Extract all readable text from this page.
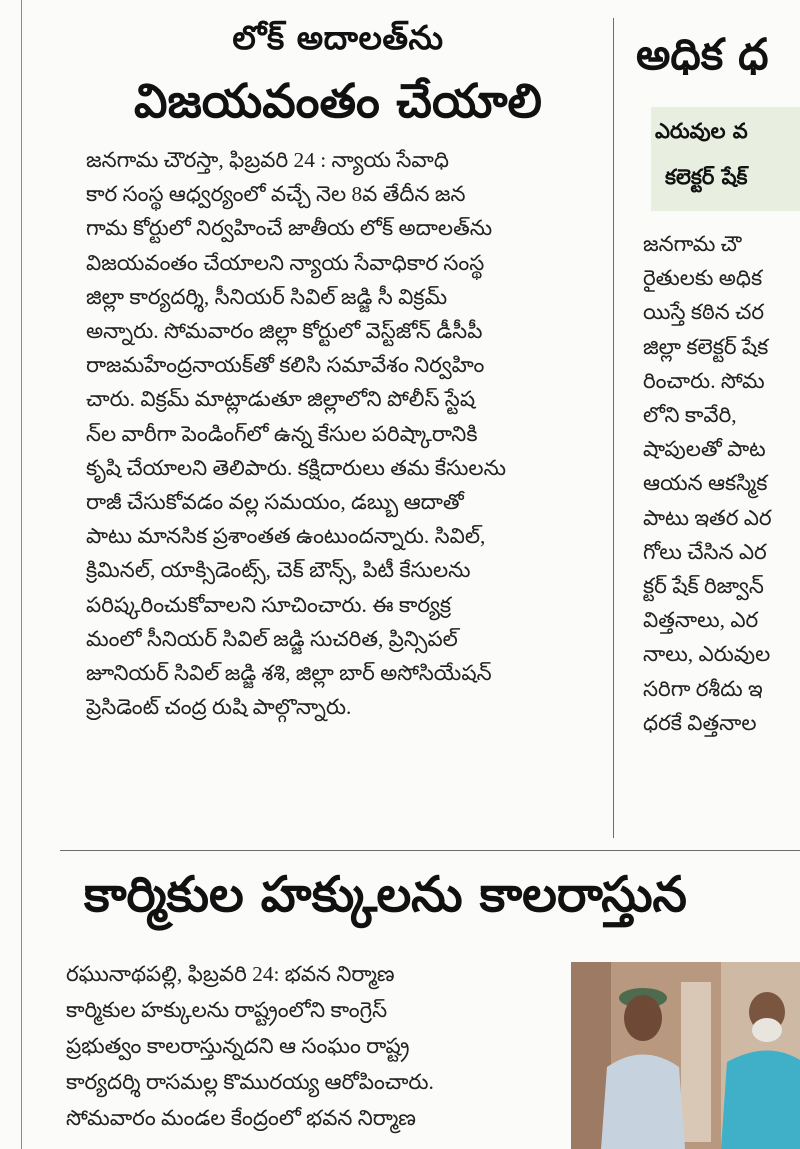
లోక్ అదాలత్‌ను
విజయవంతం చేయాలి

జనగామ చౌరస్తా, ఫిబ్రవరి 24 : న్యాయ సేవాధి

కార సంస్థ ఆధ్వర్యంలో వచ్చే నెల 8వ తేదీన జన

గామ కోర్టులో నిర్వహించే జాతీయ లోక్ అదాలత్‌ను

విజయవంతం చేయాలని న్యాయ సేవాధికార సంస్థ

జిల్లా కార్యదర్శి, సీనియర్ సివిల్ జడ్జి సీ విక్రమ్

అన్నారు. సోమవారం జిల్లా కోర్టులో వెస్ట్‌జోన్ డీసీపీ

రాజమహేంద్రనాయక్‌తో కలిసి సమావేశం నిర్వహిం

చారు. విక్రమ్ మాట్లాడుతూ జిల్లాలోని పోలీస్ స్టేష

న్‌ల వారీగా పెండింగ్‌లో ఉన్న కేసుల పరిష్కారానికి

కృషి చేయాలని తెలిపారు. కక్షిదారులు తమ కేసులను

రాజీ చేసుకోవడం వల్ల సమయం, డబ్బు ఆదాతో

పాటు మానసిక ప్రశాంతత ఉంటుందన్నారు. సివిల్,

క్రిమినల్, యాక్సిడెంట్స్, చెక్ బౌన్స్, పిటీ కేసులను

పరిష్కరించుకోవాలని సూచించారు. ఈ కార్యక్ర

మంలో సీనియర్ సివిల్ జడ్జి సుచరిత, ప్రిన్సిపల్

జూనియర్ సివిల్ జడ్జి శశి, జిల్లా బార్ అసోసియేషన్

ప్రెసిడెంట్ చంద్ర రుషి పాల్గొన్నారు.

అధిక ధ
ఎరువుల వ
కలెక్టర్ షేక్

జనగామ చౌ

రైతులకు అధిక

యిస్తే కఠిన చర

జిల్లా కలెక్టర్ షేక

రించారు. సోమ

లోని కావేరి,

షాపులతో పాట

ఆయన ఆకస్మిక

పాటు ఇతర ఎర

గోలు చేసిన ఎర

క్టర్ షేక్ రిజ్వాన్

విత్తనాలు, ఎర

నాలు, ఎరువుల

సరిగా రశీదు ఇ

ధరకే విత్తనాల

కార్మికుల హక్కులను కాలరాస్తున

రఘునాథపల్లి, ఫిబ్రవరి 24: భవన నిర్మాణ

కార్మికుల హక్కులను రాష్ట్రంలోని కాంగ్రెస్

ప్రభుత్వం కాలరాస్తున్నదని ఆ సంఘం రాష్ట్ర

కార్యదర్శి రాసమల్ల కొమురయ్య ఆరోపించారు.

సోమవారం మండల కేంద్రంలో భవన నిర్మాణ
